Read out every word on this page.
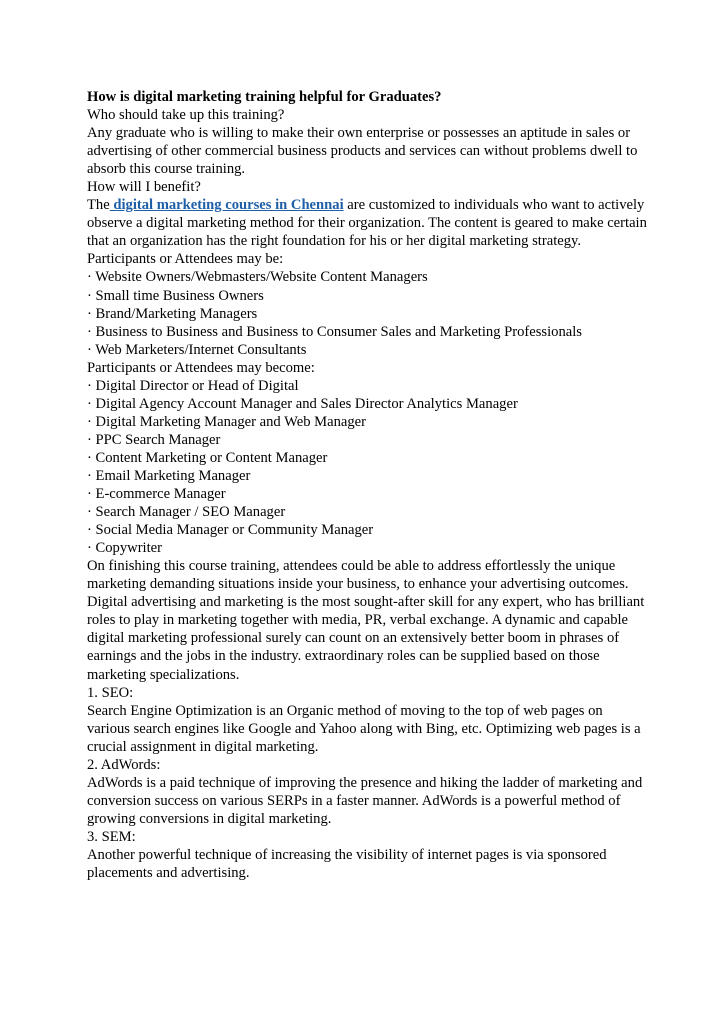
How is digital marketing training helpful for Graduates?

Who should take up this training?

Any graduate who is willing to make their own enterprise or possesses an aptitude in sales or advertising of other commercial business products and services can without problems dwell to absorb this course training.

How will I benefit?

The digital marketing courses in Chennai are customized to individuals who want to actively observe a digital marketing method for their organization. The content is geared to make certain that an organization has the right foundation for his or her digital marketing strategy.

Participants or Attendees may be:

· Website Owners/Webmasters/Website Content Managers

· Small time Business Owners

· Brand/Marketing Managers

· Business to Business and Business to Consumer Sales and Marketing Professionals

· Web Marketers/Internet Consultants

Participants or Attendees may become:

· Digital Director or Head of Digital

· Digital Agency Account Manager and Sales Director Analytics Manager

· Digital Marketing Manager and Web Manager

· PPC Search Manager

· Content Marketing or Content Manager

· Email Marketing Manager

· E-commerce Manager

· Search Manager / SEO Manager

· Social Media Manager or Community Manager

· Copywriter

On finishing this course training, attendees could be able to address effortlessly the unique marketing demanding situations inside your business, to enhance your advertising outcomes.

Digital advertising and marketing is the most sought-after skill for any expert, who has brilliant roles to play in marketing together with media, PR, verbal exchange. A dynamic and capable digital marketing professional surely can count on an extensively better boom in phrases of earnings and the jobs in the industry. extraordinary roles can be supplied based on those marketing specializations.

1. SEO:

Search Engine Optimization is an Organic method of moving to the top of web pages on various search engines like Google and Yahoo along with Bing, etc. Optimizing web pages is a crucial assignment in digital marketing.

2. AdWords:

AdWords is a paid technique of improving the presence and hiking the ladder of marketing and conversion success on various SERPs in a faster manner. AdWords is a powerful method of growing conversions in digital marketing.

3. SEM:

Another powerful technique of increasing the visibility of internet pages is via sponsored placements and advertising.
